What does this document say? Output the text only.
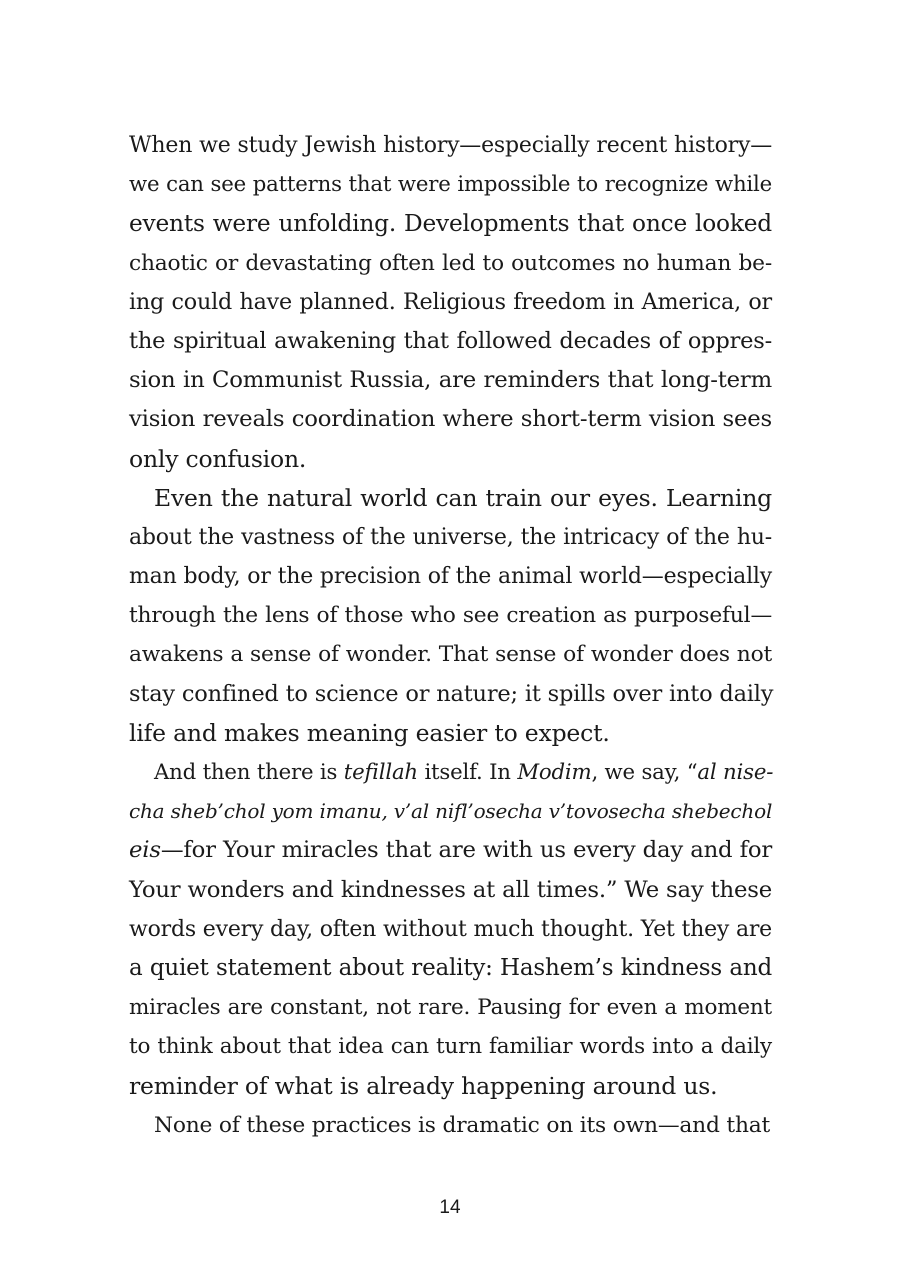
When we study Jewish history—especially recent history—
we can see patterns that were impossible to recognize while
events were unfolding. Developments that once looked
chaotic or devastating often led to outcomes no human be-
ing could have planned. Religious freedom in America, or
the spiritual awakening that followed decades of oppres-
sion in Communist Russia, are reminders that long-term
vision reveals coordination where short-term vision sees
only confusion.
Even the natural world can train our eyes. Learning
about the vastness of the universe, the intricacy of the hu-
man body, or the precision of the animal world—especially
through the lens of those who see creation as purposeful—
awakens a sense of wonder. That sense of wonder does not
stay confined to science or nature; it spills over into daily
life and makes meaning easier to expect.
And then there is tefillah itself. In Modim, we say, “al nise-
cha sheb’chol yom imanu, v’al nifl’osecha v’tovosecha shebechol
eis—for Your miracles that are with us every day and for
Your wonders and kindnesses at all times.” We say these
words every day, often without much thought. Yet they are
a quiet statement about reality: Hashem’s kindness and
miracles are constant, not rare. Pausing for even a moment
to think about that idea can turn familiar words into a daily
reminder of what is already happening around us.
None of these practices is dramatic on its own—and that
14
